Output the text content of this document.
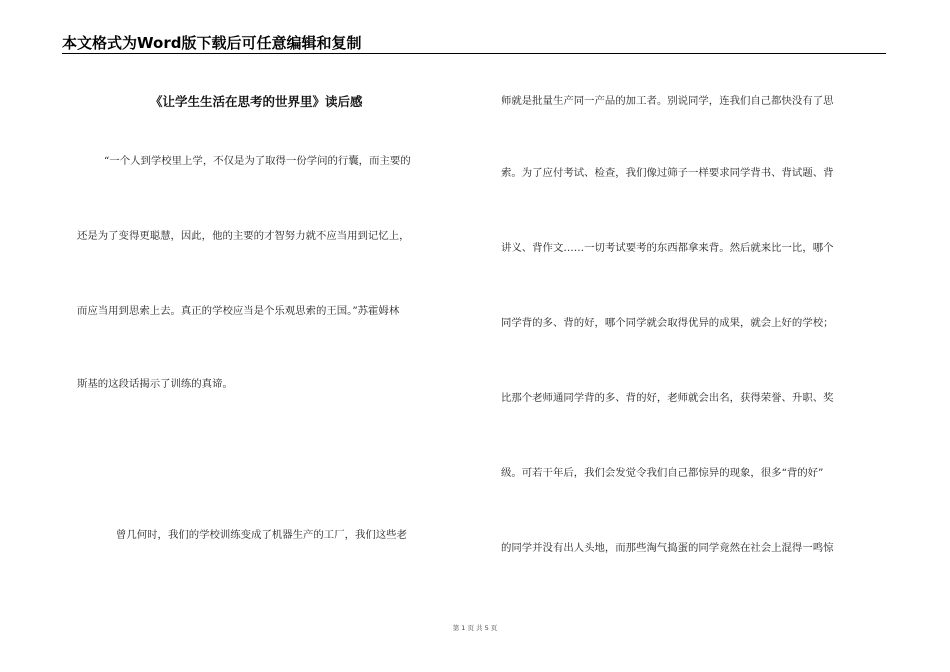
本文格式为Word版下载后可任意编辑和复制
《让学生生活在思考的世界里》读后感
“一个人到学校里上学，不仅是为了取得一份学问的行囊，而主要的
还是为了变得更聪慧，因此，他的主要的才智努力就不应当用到记忆上，
而应当用到思索上去。真正的学校应当是个乐观思索的王国。”苏霍姆林
斯基的这段话揭示了训练的真谛。
曾几何时，我们的学校训练变成了机器生产的工厂，我们这些老
师就是批量生产同一产品的加工者。别说同学，连我们自己都快没有了思
索。为了应付考试、检查，我们像过筛子一样要求同学背书、背试题、背
讲义、背作文……一切考试要考的东西都拿来背。然后就来比一比，哪个
同学背的多、背的好，哪个同学就会取得优异的成果，就会上好的学校；
比那个老师通同学背的多、背的好，老师就会出名，获得荣誉、升职、奖
级。可若干年后，我们会发觉令我们自己都惊异的现象，很多“背的好”
的同学并没有出人头地，而那些淘气捣蛋的同学竟然在社会上混得一鸣惊
第 1 页 共 5 页
